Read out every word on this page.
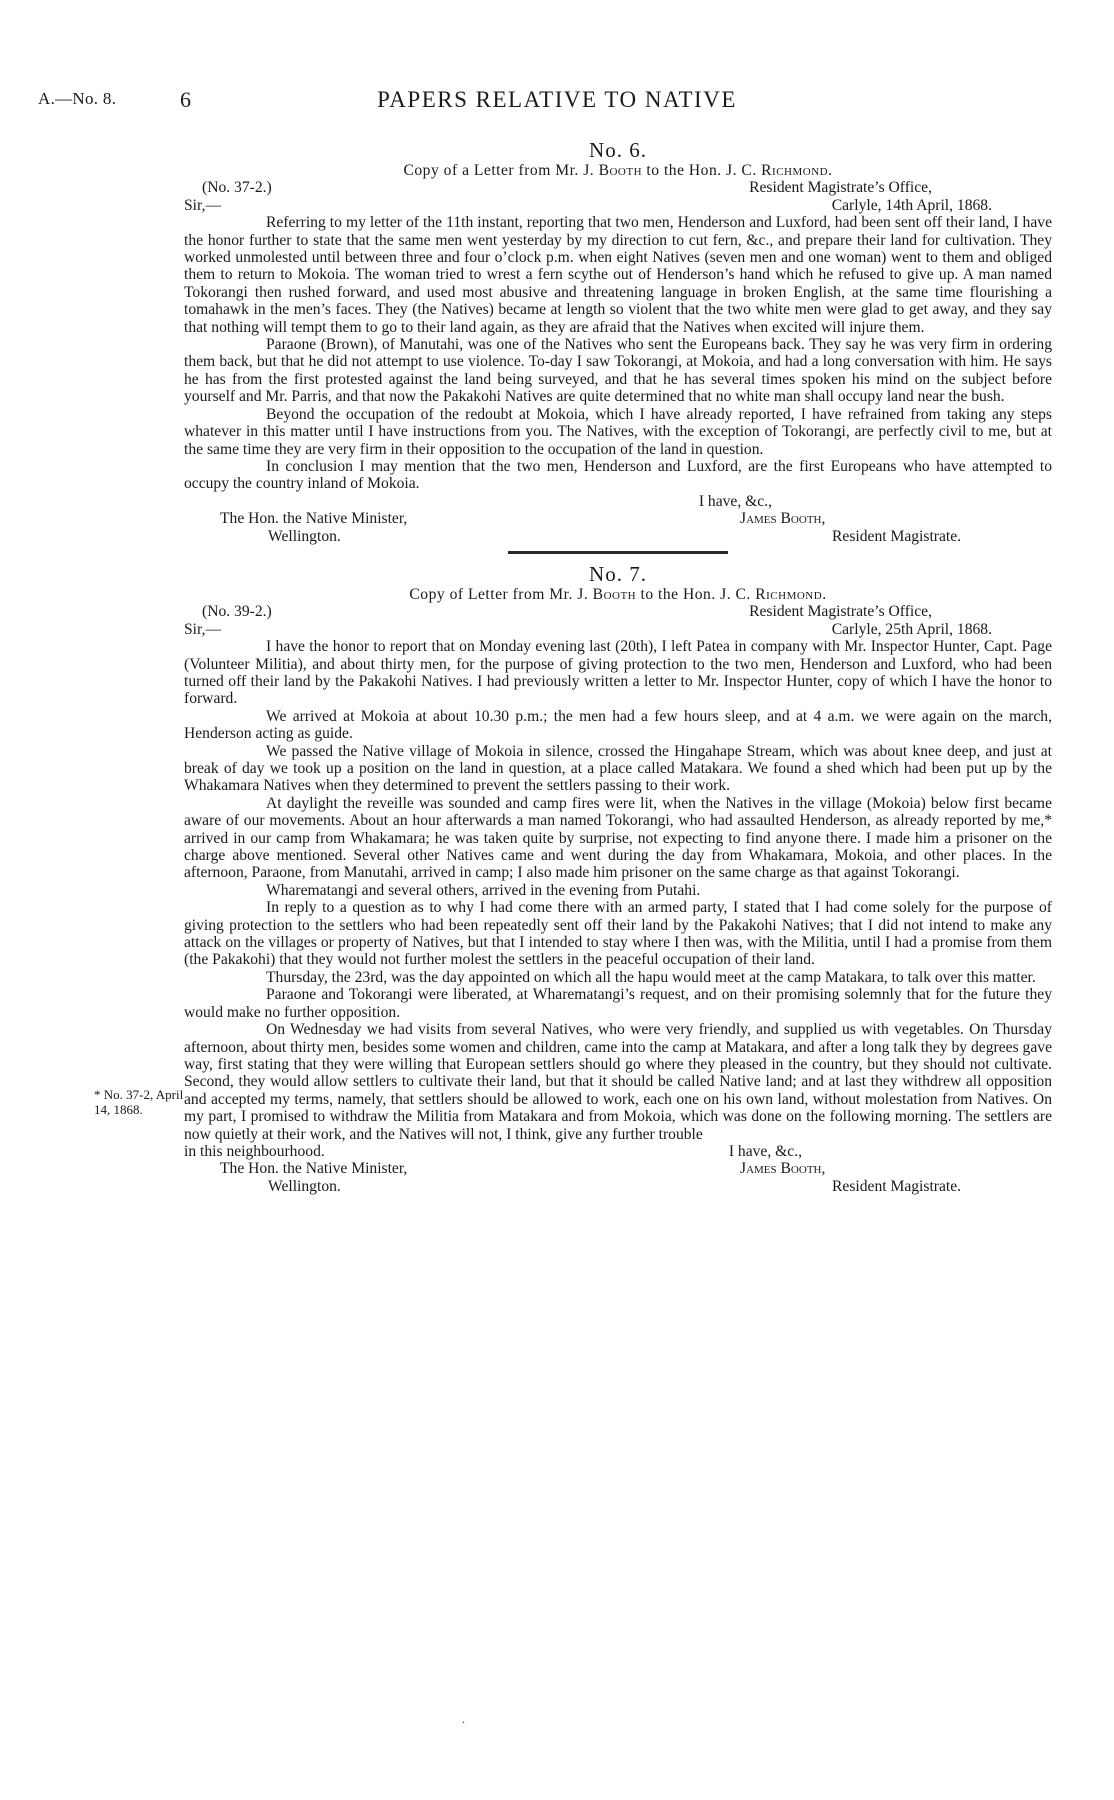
A.—No. 8.	6	PAPERS RELATIVE TO NATIVE
* No. 37-2, April 14, 1868.
No. 6.
Copy of a Letter from Mr. J. Booth to the Hon. J. C. Richmond.
(No. 37-2.)	Resident Magistrate’s Office,
Sir,—	Carlyle, 14th April, 1868.

Referring to my letter of the 11th instant, reporting that two men, Henderson and Luxford, had been sent off their land, I have the honor further to state that the same men went yesterday by my direction to cut fern, &c., and prepare their land for cultivation. They worked unmolested until between three and four o’clock p.m. when eight Natives (seven men and one woman) went to them and obliged them to return to Mokoia. The woman tried to wrest a fern scythe out of Henderson’s hand which he refused to give up. A man named Tokorangi then rushed forward, and used most abusive and threatening language in broken English, at the same time flourishing a tomahawk in the men’s faces. They (the Natives) became at length so violent that the two white men were glad to get away, and they say that nothing will tempt them to go to their land again, as they are afraid that the Natives when excited will injure them.

Paraone (Brown), of Manutahi, was one of the Natives who sent the Europeans back. They say he was very firm in ordering them back, but that he did not attempt to use violence. To-day I saw Tokorangi, at Mokoia, and had a long conversation with him. He says he has from the first protested against the land being surveyed, and that he has several times spoken his mind on the subject before yourself and Mr. Parris, and that now the Pakakohi Natives are quite determined that no white man shall occupy land near the bush.

Beyond the occupation of the redoubt at Mokoia, which I have already reported, I have refrained from taking any steps whatever in this matter until I have instructions from you. The Natives, with the exception of Tokorangi, are perfectly civil to me, but at the same time they are very firm in their opposition to the occupation of the land in question.

In conclusion I may mention that the two men, Henderson and Luxford, are the first Europeans who have attempted to occupy the country inland of Mokoia.

I have, &c.,
The Hon. the Native Minister,	James Booth,
Wellington.	Resident Magistrate.
No. 7.
Copy of Letter from Mr. J. Booth to the Hon. J. C. Richmond.
(No. 39-2.)	Resident Magistrate’s Office,
Sir,—	Carlyle, 25th April, 1868.

I have the honor to report that on Monday evening last (20th), I left Patea in company with Mr. Inspector Hunter, Capt. Page (Volunteer Militia), and about thirty men, for the purpose of giving protection to the two men, Henderson and Luxford, who had been turned off their land by the Pakakohi Natives. I had previously written a letter to Mr. Inspector Hunter, copy of which I have the honor to forward.

We arrived at Mokoia at about 10.30 p.m.; the men had a few hours sleep, and at 4 a.m. we were again on the march, Henderson acting as guide.

We passed the Native village of Mokoia in silence, crossed the Hingahape Stream, which was about knee deep, and just at break of day we took up a position on the land in question, at a place called Matakara. We found a shed which had been put up by the Whakamara Natives when they determined to prevent the settlers passing to their work.

At daylight the reveille was sounded and camp fires were lit, when the Natives in the village (Mokoia) below first became aware of our movements. About an hour afterwards a man named Tokorangi, who had assaulted Henderson, as already reported by me,* arrived in our camp from Whakamara; he was taken quite by surprise, not expecting to find anyone there. I made him a prisoner on the charge above mentioned. Several other Natives came and went during the day from Whakamara, Mokoia, and other places. In the afternoon, Paraone, from Manutahi, arrived in camp; I also made him prisoner on the same charge as that against Tokorangi.

Wharematangi and several others, arrived in the evening from Putahi.

In reply to a question as to why I had come there with an armed party, I stated that I had come solely for the purpose of giving protection to the settlers who had been repeatedly sent off their land by the Pakakohi Natives; that I did not intend to make any attack on the villages or property of Natives, but that I intended to stay where I then was, with the Militia, until I had a promise from them (the Pakakohi) that they would not further molest the settlers in the peaceful occupation of their land.

Thursday, the 23rd, was the day appointed on which all the hapu would meet at the camp Matakara, to talk over this matter.

Paraone and Tokorangi were liberated, at Wharematangi’s request, and on their promising solemnly that for the future they would make no further opposition.

On Wednesday we had visits from several Natives, who were very friendly, and supplied us with vegetables. On Thursday afternoon, about thirty men, besides some women and children, came into the camp at Matakara, and after a long talk they by degrees gave way, first stating that they were willing that European settlers should go where they pleased in the country, but they should not cultivate. Second, they would allow settlers to cultivate their land, but that it should be called Native land; and at last they withdrew all opposition and accepted my terms, namely, that settlers should be allowed to work, each one on his own land, without molestation from Natives. On my part, I promised to withdraw the Militia from Matakara and from Mokoia, which was done on the following morning. The settlers are now quietly at their work, and the Natives will not, I think, give any further trouble

in this neighbourhood.	I have, &c.,
The Hon. the Native Minister,	James Booth,
Wellington.	Resident Magistrate.
.
